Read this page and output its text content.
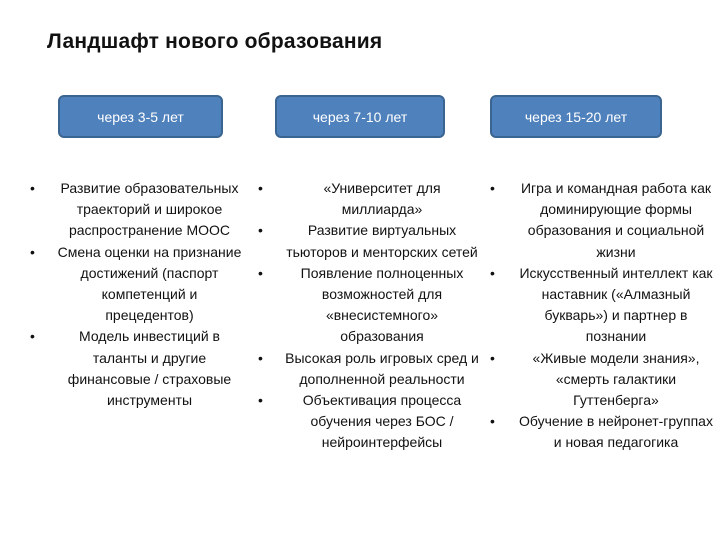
Ландшафт нового образования
через 3-5 лет	через 7-10 лет	через 15-20 лет
•	Развитие образовательных траекторий и широкое распространение МООС
• Смена оценки на признание достижений (паспорт компетенций и прецедентов)
•	Модель инвестиций в таланты и другие финансовые / страховые инструменты
•	«Университет для миллиарда»
•	Развитие виртуальных тьюторов и менторских сетей
•	Появление полноценных возможностей для «внесистемного» образования
• Высокая роль игровых сред и дополненной реальности
•	Объективация процесса обучения через БОС / нейроинтерфейсы
•	Игра и командная работа как доминирующие формы образования и социальной жизни
• Искусственный интеллект как наставник («Алмазный букварь») и партнер в познании
•	«Живые модели знания», «смерть галактики Гуттенберга»
• Обучение в нейронет-группах и новая педагогика
